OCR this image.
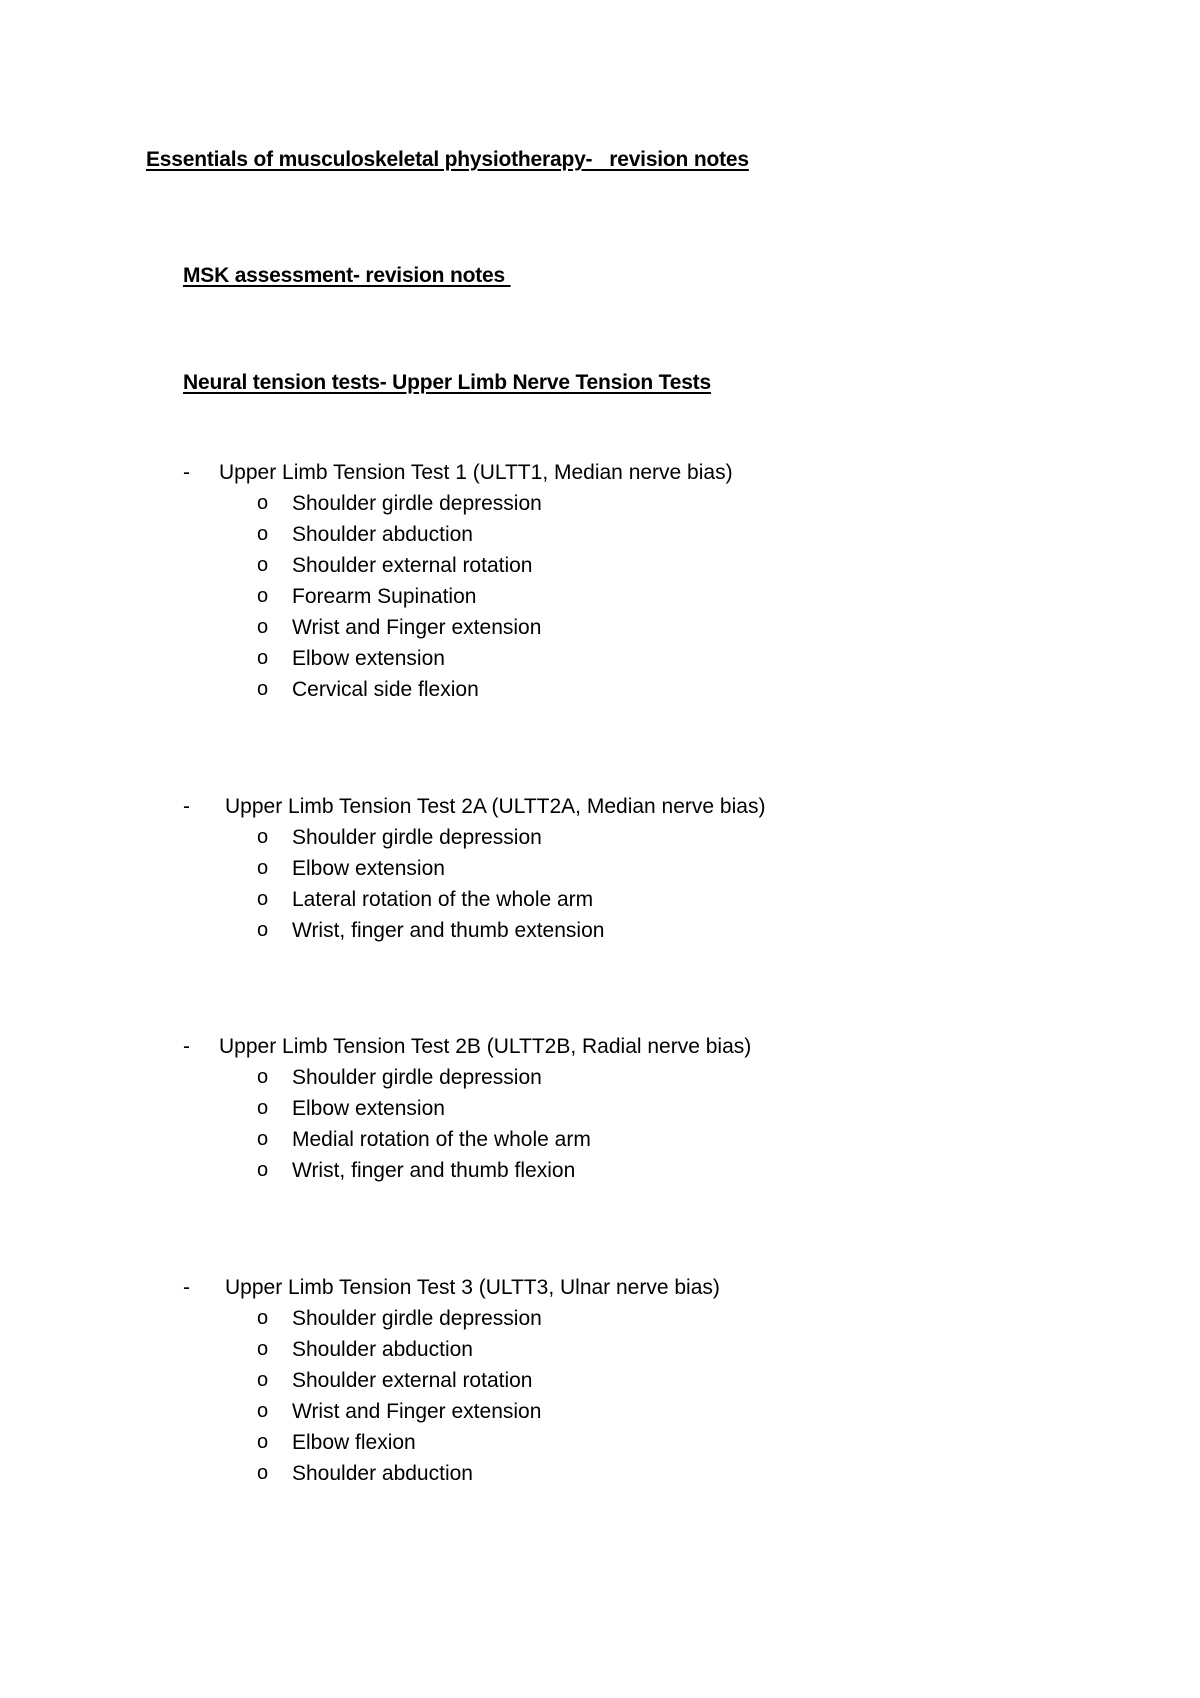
Essentials of musculoskeletal physiotherapy-   revision notes
MSK assessment- revision notes
Neural tension tests- Upper Limb Nerve Tension Tests

-

Upper Limb Tension Test 1 (ULTT1, Median nerve bias)

o Shoulder girdle depression
o Shoulder abduction
o Shoulder external rotation
o Forearm Supination
o Wrist and Finger extension
o Elbow extension
o Cervical side flexion

-

Upper Limb Tension Test 2A (ULTT2A, Median nerve bias)

o Shoulder girdle depression
o Elbow extension
o Lateral rotation of the whole arm
o Wrist, finger and thumb extension

-

Upper Limb Tension Test 2B (ULTT2B, Radial nerve bias)

o Shoulder girdle depression
o Elbow extension
o Medial rotation of the whole arm
o Wrist, finger and thumb flexion

-

Upper Limb Tension Test 3 (ULTT3, Ulnar nerve bias)

o Shoulder girdle depression
o Shoulder abduction
o Shoulder external rotation
o Wrist and Finger extension
o Elbow flexion
o Shoulder abduction
